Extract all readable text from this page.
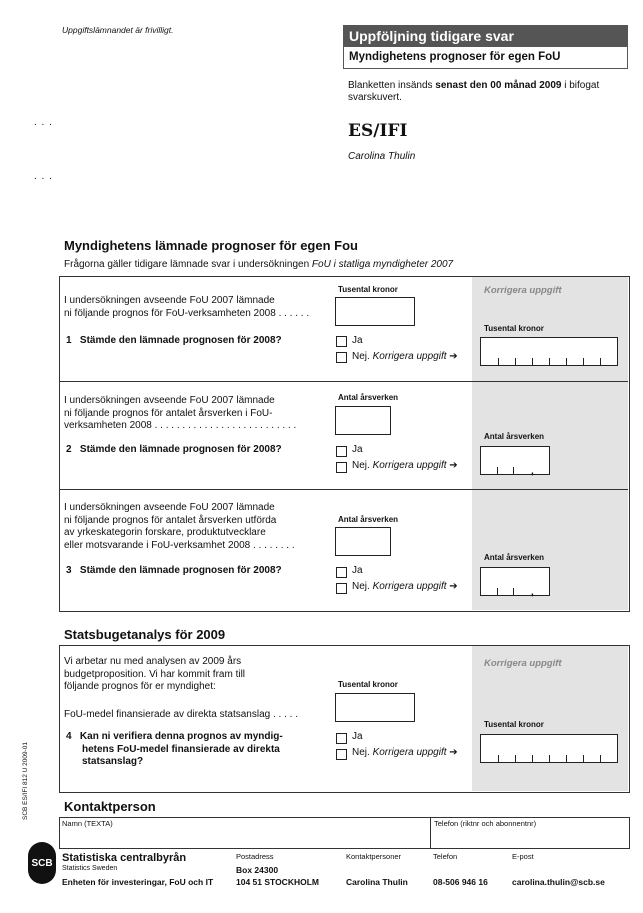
Uppgiftslämnandet är frivilligt.
. . .
. . .
Uppföljning tidigare svar
Myndighetens prognoser för egen FoU
Blanketten insänds senast den 00 månad 2009 i bifogat svarskuvert.
ES/IFI
Carolina Thulin
Myndighetens lämnade prognoser för egen Fou
Frågorna gäller tidigare lämnade svar i undersökningen FoU i statliga myndigheter 2007
Korrigera uppgift
I undersökningen avseende FoU 2007 lämnade
ni följande prognos för FoU-verksamheten 2008 . . . . . .
Tusental kronor
1 Stämde den lämnade prognosen för 2008?	Ja
Nej. Korrigera uppgift ➔
Tusental kronor
I undersökningen avseende FoU 2007 lämnade
ni följande prognos för antalet årsverken i FoU-
verksamheten 2008 . . . . . . . . . . . . . . . . . . . . . . . . . .
Antal årsverken
2 Stämde den lämnade prognosen för 2008?	Ja
Nej. Korrigera uppgift ➔
Antal årsverken
,
I undersökningen avseende FoU 2007 lämnade
ni följande prognos för antalet årsverken utförda
av yrkeskategorin forskare, produktutvecklare
eller motsvarande i FoU-verksamhet 2008 . . . . . . . .
Antal årsverken
3 Stämde den lämnade prognosen för 2008?	Ja
Nej. Korrigera uppgift ➔
Antal årsverken
,
Statsbugetanalys för 2009
Korrigera uppgift
Vi arbetar nu med analysen av 2009 års
budgetproposition. Vi har kommit fram till
följande prognos för er myndighet:
FoU-medel finansierade av direkta statsanslag . . . . .
Tusental kronor
4 Kan ni verifiera denna prognos av myndig-
hetens FoU-medel finansierade av direkta
statsanslag?
Ja
Nej. Korrigera uppgift ➔
Tusental kronor
Kontaktperson
Namn (TEXTA)	Telefon (riktnr och abonnentnr)
SCB ES/IFI 812 U 2009-01
SCB Statistiska centralbyrån
Statistics Sweden
Enheten för investeringar, FoU och IT
Postadress
Box 24300
104 51 STOCKHOLM
Kontaktpersoner
Carolina Thulin
Telefon
08-506 946 16
E-post
carolina.thulin@scb.se
